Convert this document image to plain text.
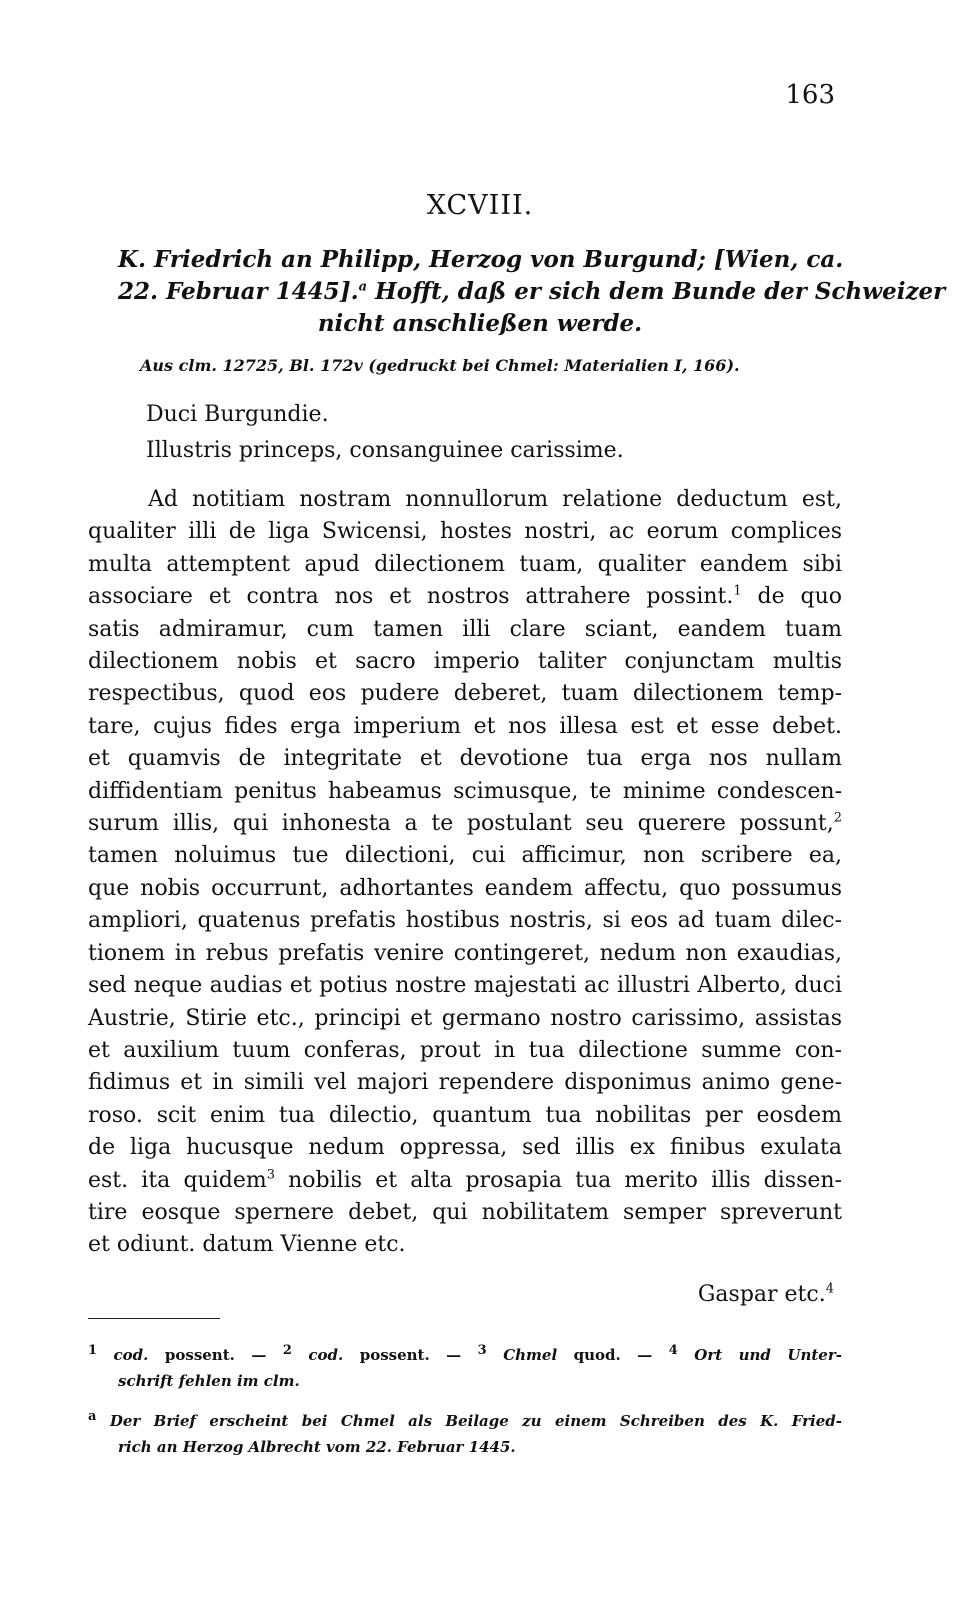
163
XCVIII.
K. Friedrich an Philipp, Herzog von Burgund; [Wien, ca.
22. Februar 1445].$^a$ Hofft, daß er sich dem Bunde der Schweizer
nicht anschließen werde.
Aus clm. 12725, Bl. 172v (gedruckt bei Chmel: Materialien I, 166).
Duci Burgundie.
Illustris princeps, consanguinee carissime.
Ad notitiam nostram nonnullorum relatione deductum est,
qualiter illi de liga Swicensi, hostes nostri, ac eorum complices
multa attemptent apud dilectionem tuam, qualiter eandem sibi
associare et contra nos et nostros attrahere possint.$^1$ de quo
satis admiramur, cum tamen illi clare sciant, eandem tuam
dilectionem nobis et sacro imperio taliter conjunctam multis
respectibus, quod eos pudere deberet, tuam dilectionem temp-
tare, cujus fides erga imperium et nos illesa est et esse debet.
et quamvis de integritate et devotione tua erga nos nullam
diffidentiam penitus habeamus scimusque, te minime condescen-
surum illis, qui inhonesta a te postulant seu querere possunt,$^2$
tamen noluimus tue dilectioni, cui afficimur, non scribere ea,
que nobis occurrunt, adhortantes eandem affectu, quo possumus
ampliori, quatenus prefatis hostibus nostris, si eos ad tuam dilec-
tionem in rebus prefatis venire contingeret, nedum non exaudias,
sed neque audias et potius nostre majestati ac illustri Alberto, duci
Austrie, Stirie etc., principi et germano nostro carissimo, assistas
et auxilium tuum conferas, prout in tua dilectione summe con-
fidimus et in simili vel majori rependere disponimus animo gene-
roso. scit enim tua dilectio, quantum tua nobilitas per eosdem
de liga hucusque nedum oppressa, sed illis ex finibus exulata
est. ita quidem$^3$ nobilis et alta prosapia tua merito illis dissen-
tire eosque spernere debet, qui nobilitatem semper spreverunt
et odiunt. datum Vienne etc.
Gaspar etc.$^4$
$^1$ cod. possent. — $^2$ cod. possent. — $^3$ Chmel quod. — $^4$ Ort und Unter-
schrift fehlen im clm.
$^a$ Der Brief erscheint bei Chmel als Beilage zu einem Schreiben des K. Fried-
rich an Herzog Albrecht vom 22. Februar 1445.
